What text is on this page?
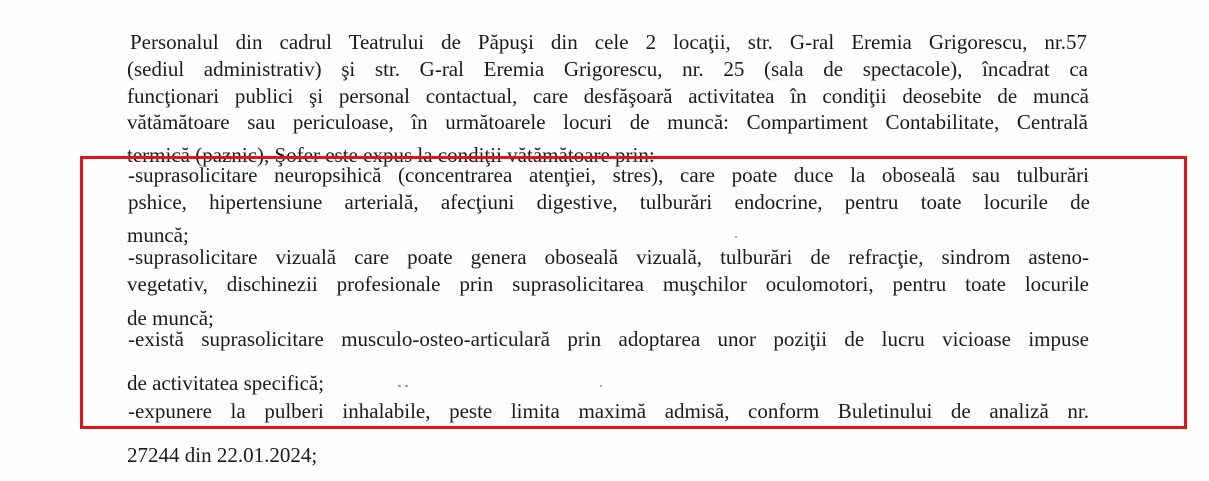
Personalul din cadrul Teatrului de Păpuşi din cele 2 locaţii, str. G-ral Eremia Grigorescu, nr.57
(sediul administrativ) şi str. G-ral Eremia Grigorescu, nr. 25 (sala de spectacole), încadrat ca
funcţionari publici şi personal contactual, care desfăşoară activitatea în condiţii deosebite de muncă
vătămătoare sau periculoase, în următoarele locuri de muncă: Compartiment Contabilitate, Centrală
termică (paznic), Şofer este expus la condiţii vătămătoare prin:
-suprasolicitare neuropsihică (concentrarea atenţiei, stres), care poate duce la oboseală sau tulburări
pshice, hipertensiune arterială, afecţiuni digestive, tulburări endocrine, pentru toate locurile de
muncă;
-suprasolicitare vizuală care poate genera oboseală vizuală, tulburări de refracţie, sindrom asteno-
vegetativ, dischinezii profesionale prin suprasolicitarea muşchilor oculomotori, pentru toate locurile
de muncă;
-există suprasolicitare musculo-osteo-articulară prin adoptarea unor poziţii de lucru vicioase impuse
de activitatea specifică;
-expunere la pulberi inhalabile, peste limita maximă admisă, conform Buletinului de analiză nr.
27244 din 22.01.2024;
